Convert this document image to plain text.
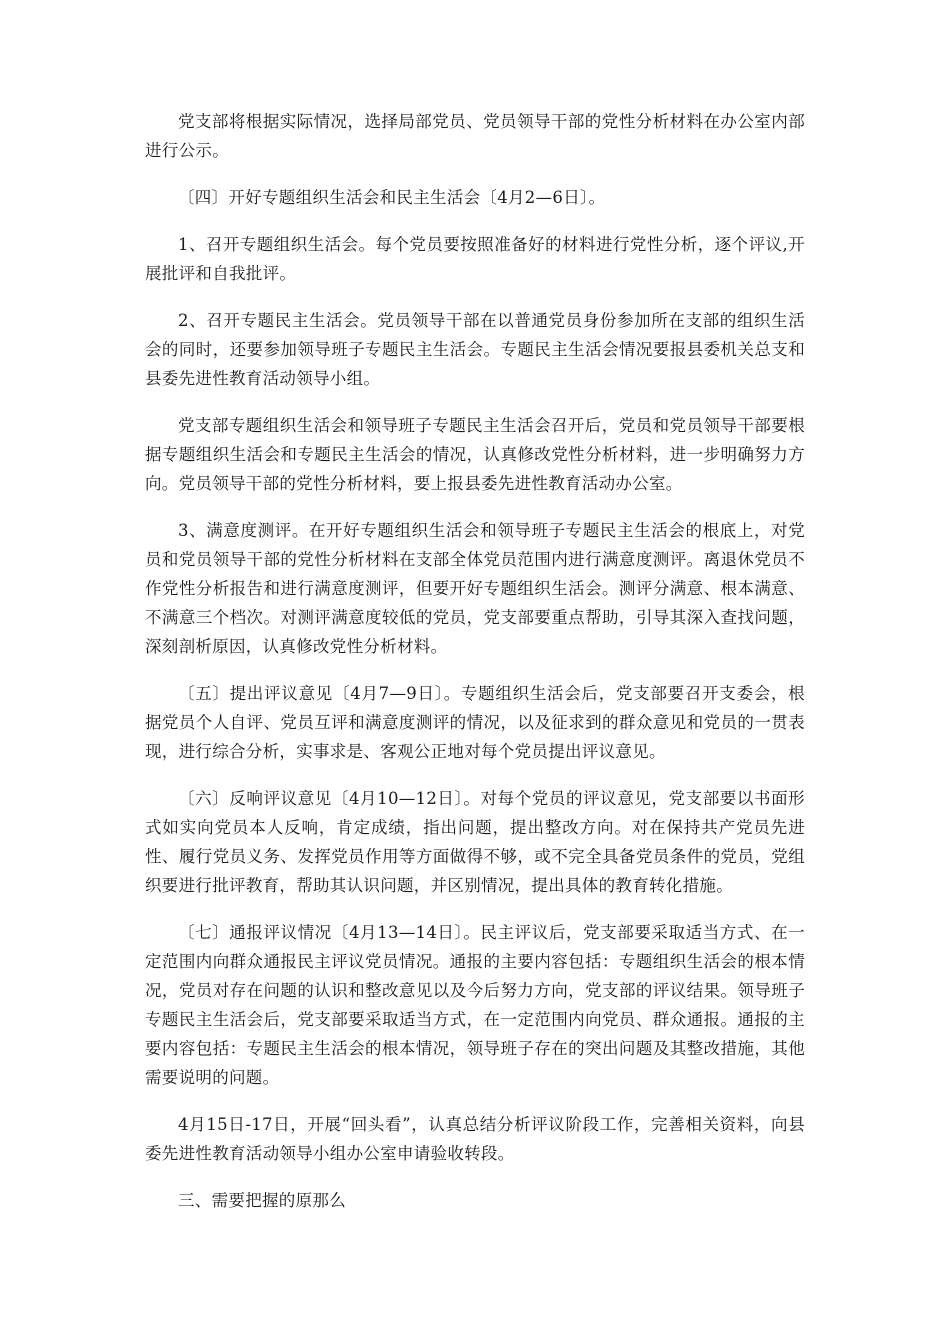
党支部将根据实际情况，选择局部党员、党员领导干部的党性分析材料在办公室内部进行公示。

〔四〕开好专题组织生活会和民主生活会〔4月2—6日〕。

1、召开专题组织生活会。每个党员要按照准备好的材料进行党性分析，逐个评议,开展批评和自我批评。

2、召开专题民主生活会。党员领导干部在以普通党员身份参加所在支部的组织生活会的同时，还要参加领导班子专题民主生活会。专题民主生活会情况要报县委机关总支和县委先进性教育活动领导小组。

党支部专题组织生活会和领导班子专题民主生活会召开后，党员和党员领导干部要根据专题组织生活会和专题民主生活会的情况，认真修改党性分析材料，进一步明确努力方向。党员领导干部的党性分析材料，要上报县委先进性教育活动办公室。

3、满意度测评。在开好专题组织生活会和领导班子专题民主生活会的根底上，对党员和党员领导干部的党性分析材料在支部全体党员范围内进行满意度测评。离退休党员不作党性分析报告和进行满意度测评，但要开好专题组织生活会。测评分满意、根本满意、不满意三个档次。对测评满意度较低的党员，党支部要重点帮助，引导其深入查找问题，深刻剖析原因，认真修改党性分析材料。

〔五〕提出评议意见〔4月7—9日〕。专题组织生活会后，党支部要召开支委会，根据党员个人自评、党员互评和满意度测评的情况，以及征求到的群众意见和党员的一贯表现，进行综合分析，实事求是、客观公正地对每个党员提出评议意见。

〔六〕反响评议意见〔4月10—12日〕。对每个党员的评议意见，党支部要以书面形式如实向党员本人反响，肯定成绩，指出问题，提出整改方向。对在保持共产党员先进性、履行党员义务、发挥党员作用等方面做得不够，或不完全具备党员条件的党员，党组织要进行批评教育，帮助其认识问题，并区别情况，提出具体的教育转化措施。

〔七〕通报评议情况〔4月13—14日〕。民主评议后，党支部要采取适当方式、在一定范围内向群众通报民主评议党员情况。通报的主要内容包括：专题组织生活会的根本情况，党员对存在问题的认识和整改意见以及今后努力方向，党支部的评议结果。领导班子专题民主生活会后，党支部要采取适当方式，在一定范围内向党员、群众通报。通报的主要内容包括：专题民主生活会的根本情况，领导班子存在的突出问题及其整改措施，其他需要说明的问题。

4月15日-17日，开展“回头看”，认真总结分析评议阶段工作，完善相关资料，向县委先进性教育活动领导小组办公室申请验收转段。

三、需要把握的原那么
